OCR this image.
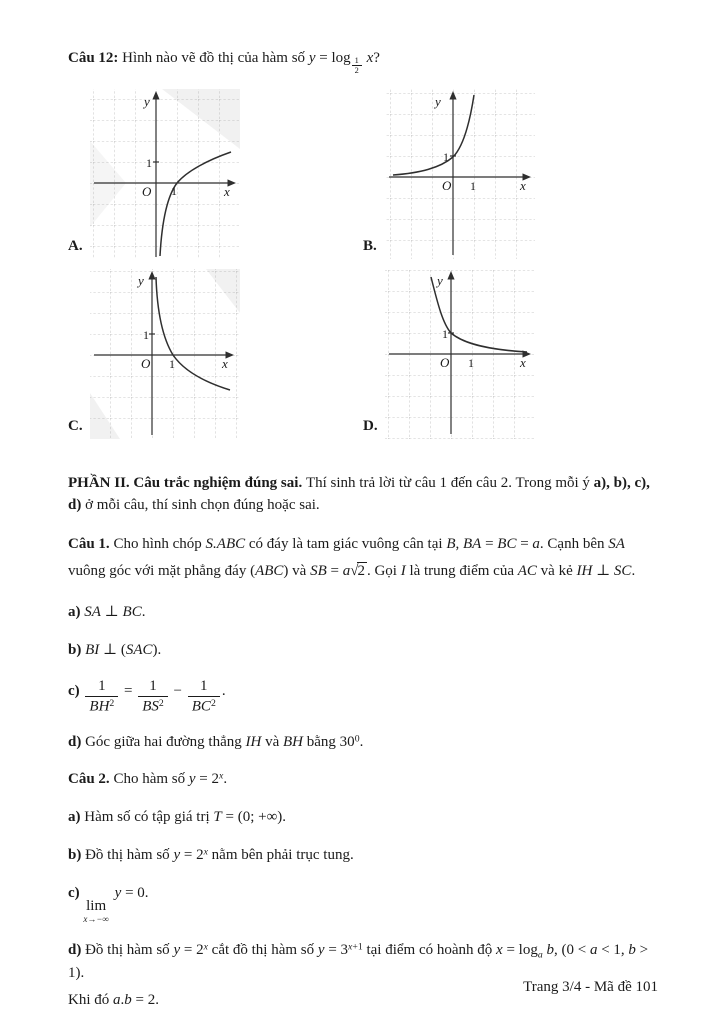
Câu 12: Hình nào vẽ đồ thị của hàm số $y = \log \frac{1}{2} x$?

A.
y
x
O
1
1
B.
y
x
O
1
1
C.
y
x
O
1
1
D.
y
x
O
1
1

PHẦN II. Câu trắc nghiệm đúng sai. Thí sinh trả lời từ câu 1 đến câu 2. Trong mỗi ý a), b), c), d) ở mỗi câu, thí sinh chọn đúng hoặc sai.

Câu 1. Cho hình chóp S.ABC có đáy là tam giác vuông cân tại B, BA = BC = a. Cạnh bên SA vuông góc với mặt phẳng đáy (ABC) và SB = a√2 . Gọi I là trung điểm của AC và kẻ IH ⊥ SC.

a) SA ⊥ BC.

b) BI ⊥ (SAC).

$c) \frac{1}{BH^2} = \frac{1}{BS^2} - \frac{1}{BC^2}$ .

d) Góc giữa hai đường thẳng IH và BH bằng $30^0$.

Câu 2. Cho hàm số $y = 2^x$.

a) Hàm số có tập giá trị T = (0; +∞).

b) Đồ thị hàm số $y = 2^x$ nằm bên phải trục tung.

c)
lim
x→−∞
y = 0.

d) Đồ thị hàm số $y = 2^x$ cắt đồ thị hàm số $y = 3^{x+1}$ tại điểm có hoành độ $x = \log_a b$, (0 < a < 1, b > 1).

Khi đó a.b = 2.

Trang 3/4 - Mã đề 101
